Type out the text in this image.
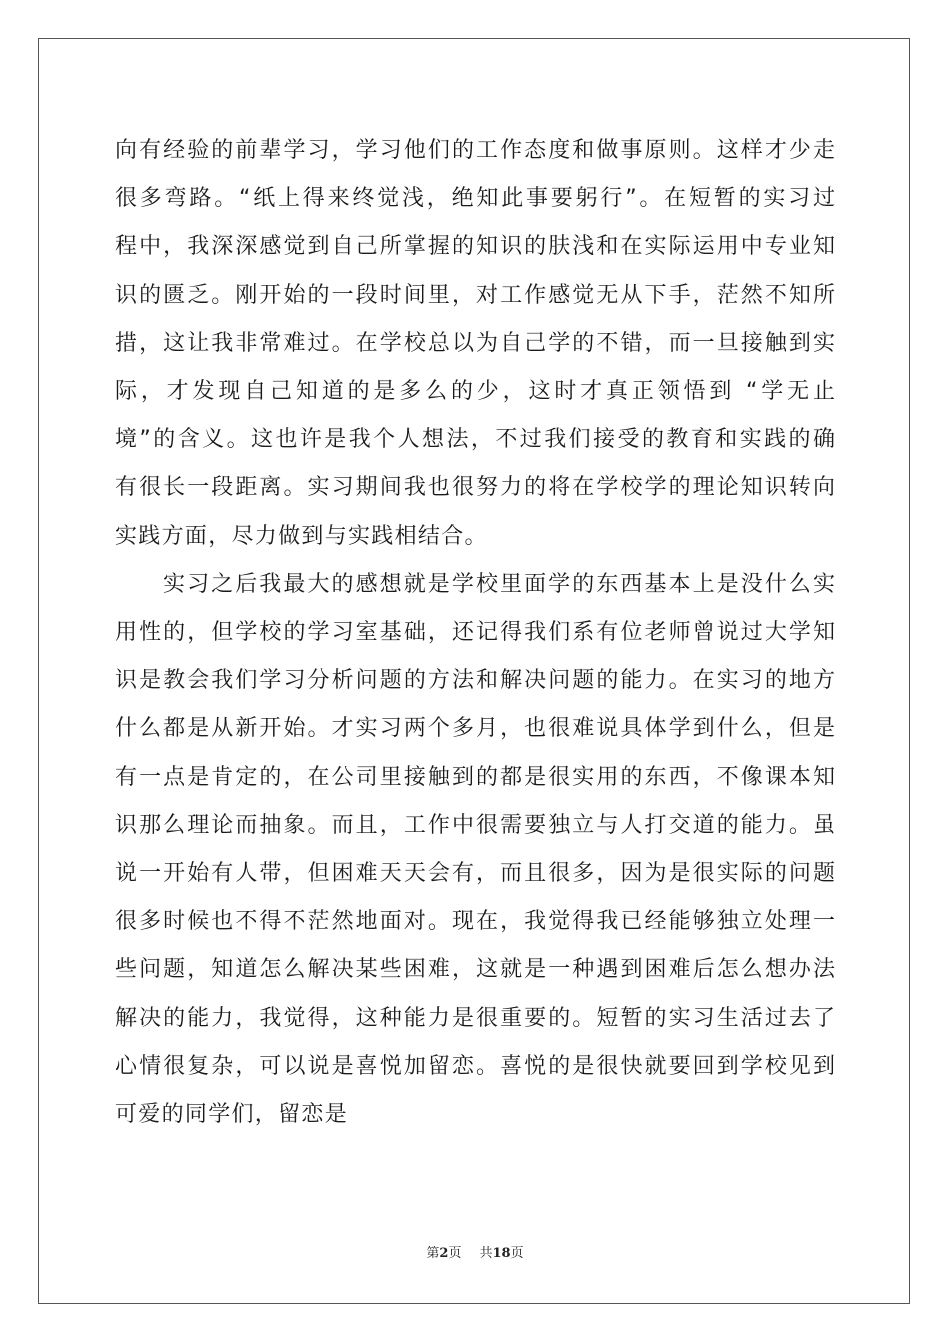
向有经验的前辈学习，学习他们的工作态度和做事原则。这样才少走
很多弯路。“纸上得来终觉浅，绝知此事要躬行”。在短暂的实习过
程中，我深深感觉到自己所掌握的知识的肤浅和在实际运用中专业知
识的匮乏。刚开始的一段时间里，对工作感觉无从下手，茫然不知所
措，这让我非常难过。在学校总以为自己学的不错，而一旦接触到实
际，才发现自己知道的是多么的少，这时才真正领悟到 “学无止
境”的含义。这也许是我个人想法，不过我们接受的教育和实践的确
有很长一段距离。实习期间我也很努力的将在学校学的理论知识转向
实践方面，尽力做到与实践相结合。
实习之后我最大的感想就是学校里面学的东西基本上是没什么实
用性的，但学校的学习室基础，还记得我们系有位老师曾说过大学知
识是教会我们学习分析问题的方法和解决问题的能力。在实习的地方
什么都是从新开始。才实习两个多月，也很难说具体学到什么，但是
有一点是肯定的，在公司里接触到的都是很实用的东西，不像课本知
识那么理论而抽象。而且，工作中很需要独立与人打交道的能力。虽
说一开始有人带，但困难天天会有，而且很多，因为是很实际的问题
很多时候也不得不茫然地面对。现在，我觉得我已经能够独立处理一
些问题，知道怎么解决某些困难，这就是一种遇到困难后怎么想办法
解决的能力，我觉得，这种能力是很重要的。短暂的实习生活过去了
心情很复杂，可以说是喜悦加留恋。喜悦的是很快就要回到学校见到
可爱的同学们，留恋是
第2页 共18页
